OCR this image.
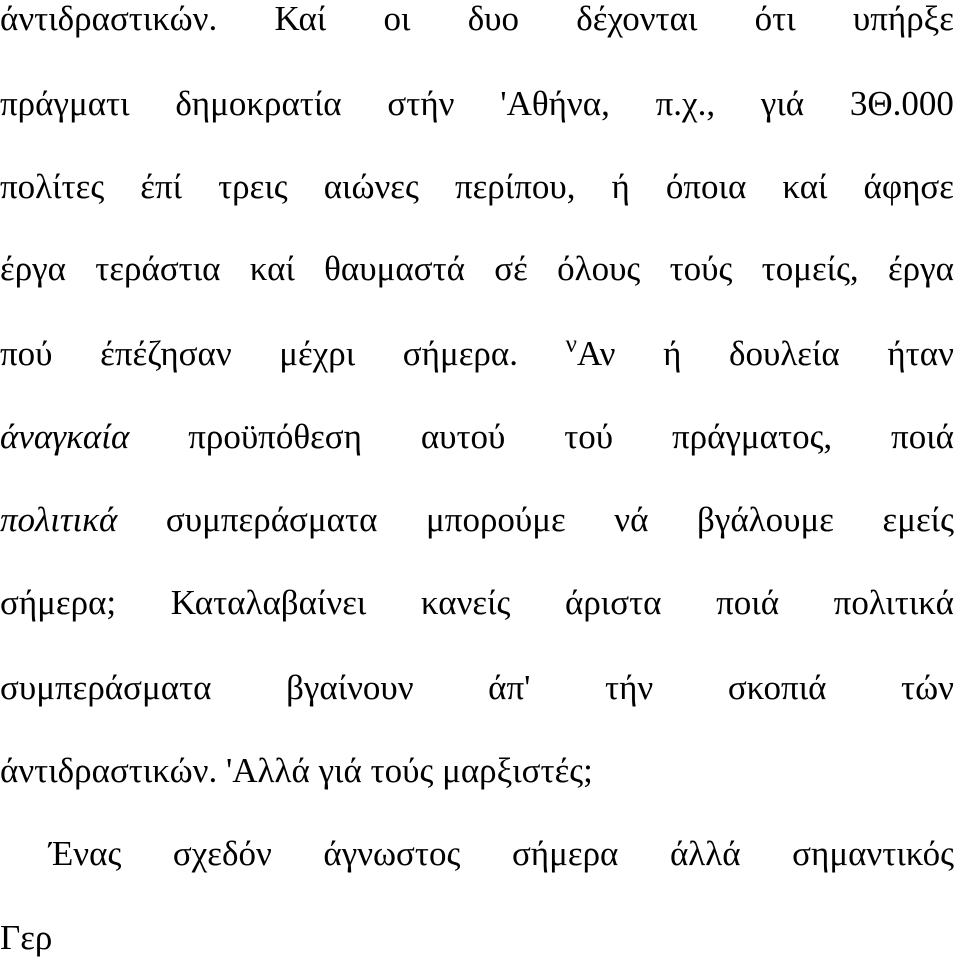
άντιδραστικών. Καί οι δυο δέχονται ότι υπήρξε
πράγματι δημοκρατία στήν 'Αθήνα, π.χ., γιά 3Θ.000
πολίτες έπί τρεις αιώνες περίπου, ή όποια καί άφησε
έργα τεράστια καί θαυμαστά σέ όλους τούς τομείς, έργα
πού έπέζησαν μέχρι σήμερα. $^\nu$Αν ή δουλεία ήταν
άναγκαία προϋπόθεση αυτού τού πράγματος, ποιά
πολιτικά συμπεράσματα μπορούμε νά βγάλουμε εμείς
σήμερα; Καταλαβαίνει κανείς άριστα ποιά πολιτικά
συμπεράσματα βγαίνουν άπ' τήν σκοπιά τών
άντιδραστικών. 'Αλλά γιά τούς μαρξιστές;
Ένας σχεδόν άγνωστος σήμερα άλλά σημαντικός
Γερ
